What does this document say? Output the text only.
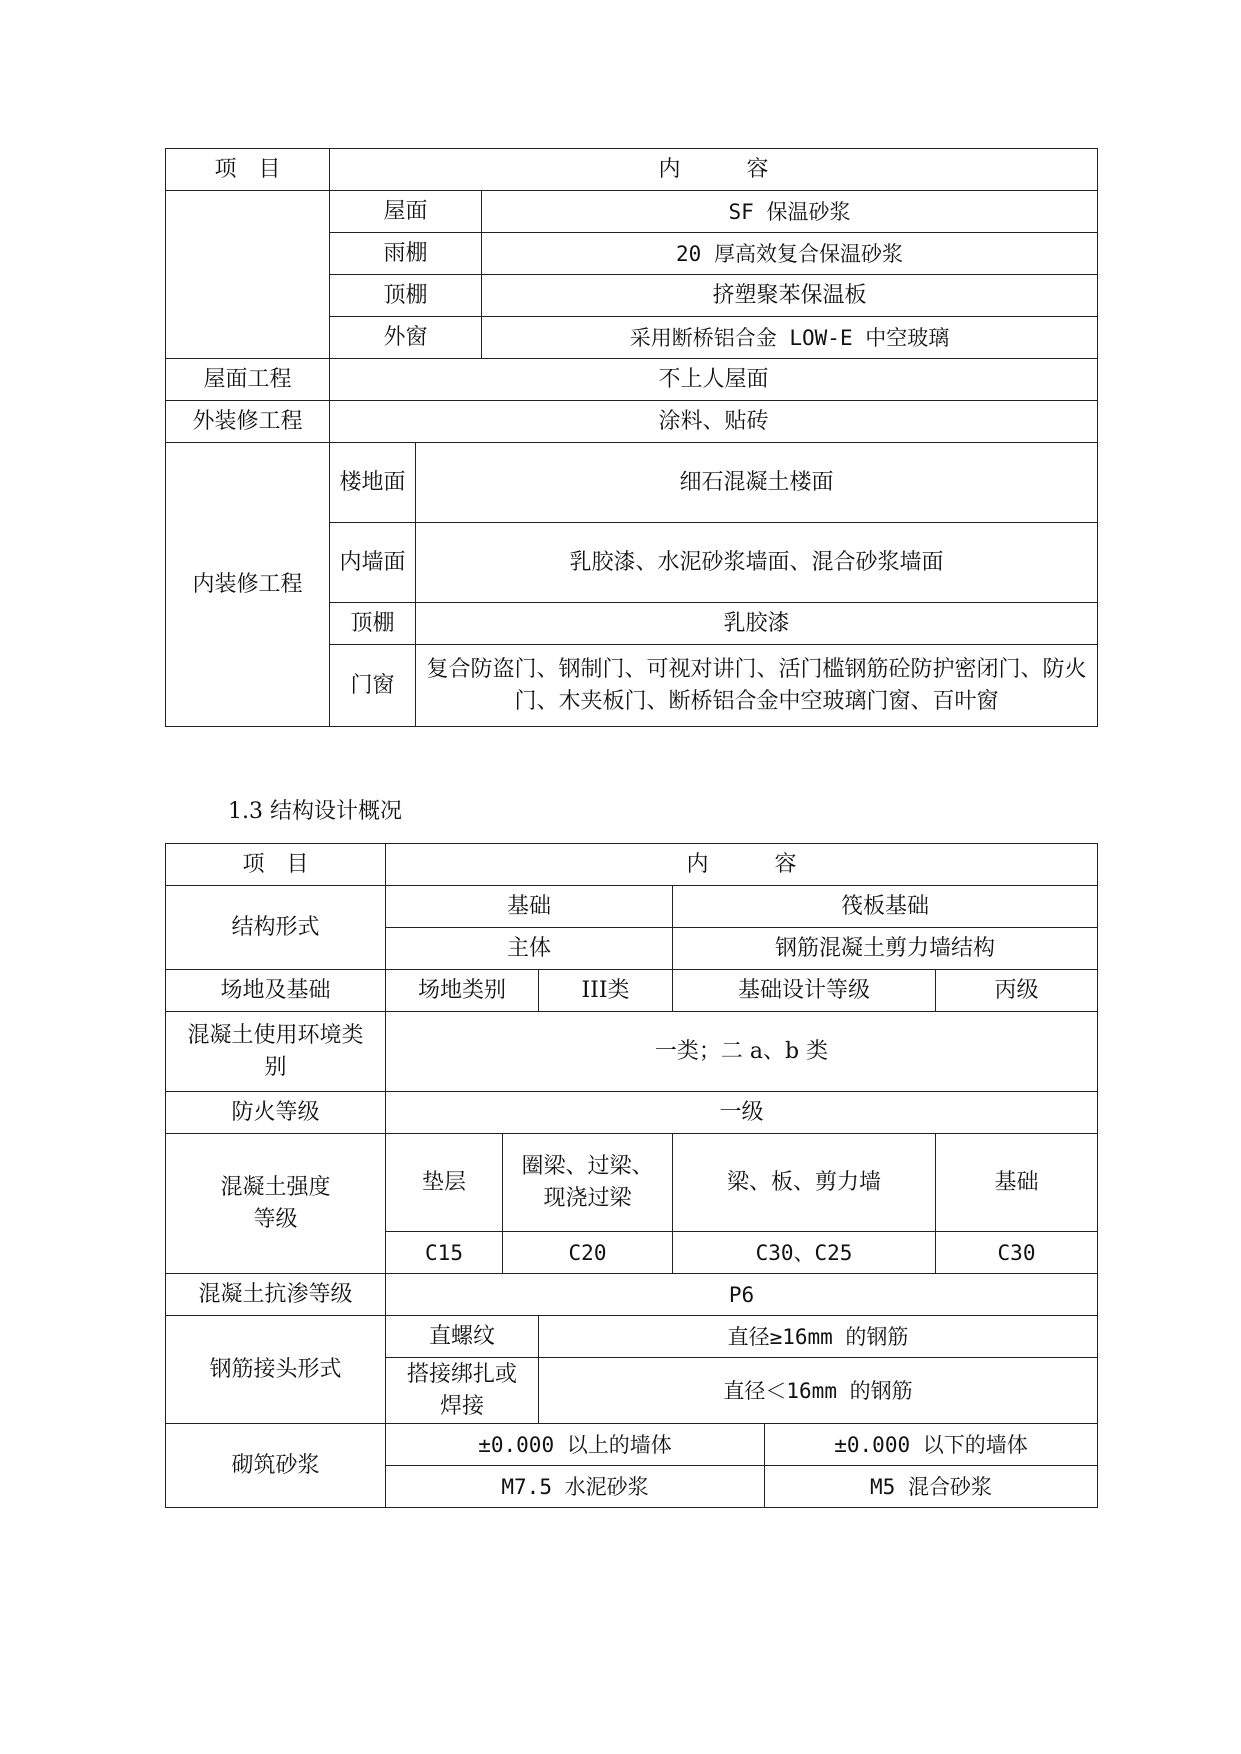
项　目	内　　　容		
	屋面		SF 保温砂浆
	雨棚		20 厚高效复合保温砂浆
	顶棚		挤塑聚苯保温板
	外窗		采用断桥铝合金 LOW-E 中空玻璃
屋面工程	不上人屋面		
外装修工程	涂料、贴砖		
内装修工程	楼地面	细石混凝土楼面	
	内墙面	乳胶漆、水泥砂浆墙面、混合砂浆墙面	
	顶棚	乳胶漆	
	门窗	复合防盗门、钢制门、可视对讲门、活门槛钢筋砼防护密闭门、防火门、木夹板门、断桥铝合金中空玻璃门窗、百叶窗	
1.3 结构设计概况
项　目	内　　　容					
结构形式	基础			筏板基础		
	主体			钢筋混凝土剪力墙结构		
场地及基础	场地类别		III类	基础设计等级		丙级
混凝土使用环境类别	一类；二 a、b 类					
防火等级	一级					
混凝土强度等级	垫层	圈梁、过梁、现浇过梁		梁、板、剪力墙		基础
	C15	C20		C30、C25		C30
混凝土抗渗等级	P6					
钢筋接头形式	直螺纹		直径≥16mm 的钢筋			
	搭接绑扎或焊接		直径＜16mm 的钢筋			
砌筑砂浆	±0.000 以上的墙体				±0.000 以下的墙体	
	M7.5 水泥砂浆				M5 混合砂浆	
